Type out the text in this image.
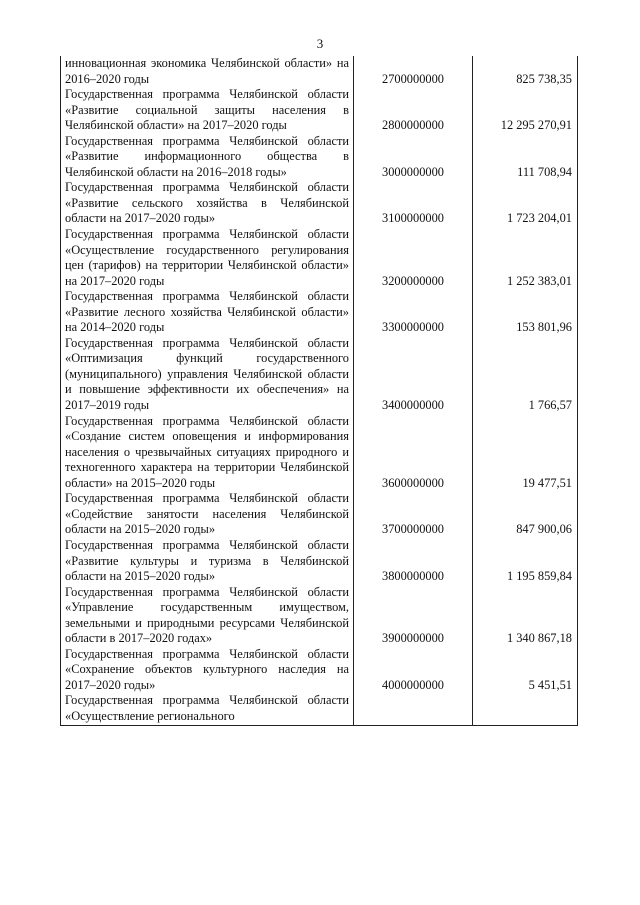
3
инновационная экономика Челябинской области» на 2016–2020 годы	2700000000	825 738,35
Государственная программа Челябинской области «Развитие социальной защиты населения в Челябинской области» на 2017–2020 годы	2800000000	12 295 270,91
Государственная программа Челябинской области «Развитие информационного общества в Челябинской области на 2016–2018 годы»	3000000000	111 708,94
Государственная программа Челябинской области «Развитие сельского хозяйства в Челябинской области на 2017–2020 годы»	3100000000	1 723 204,01
Государственная программа Челябинской области «Осуществление государственного регулирования цен (тарифов) на территории Челябинской области» на 2017–2020 годы	3200000000	1 252 383,01
Государственная программа Челябинской области «Развитие лесного хозяйства Челябинской области» на 2014–2020 годы	3300000000	153 801,96
Государственная программа Челябинской области «Оптимизация функций государственного (муниципального) управления Челябинской области и повышение эффективности их обеспечения» на 2017–2019 годы	3400000000	1 766,57
Государственная программа Челябинской области «Создание систем оповещения и информирования населения о чрезвычайных ситуациях природного и техногенного характера на территории Челябинской области» на 2015–2020 годы	3600000000	19 477,51
Государственная программа Челябинской области «Содействие занятости населения Челябинской области на 2015–2020 годы»	3700000000	847 900,06
Государственная программа Челябинской области «Развитие культуры и туризма в Челябинской области на 2015–2020 годы»	3800000000	1 195 859,84
Государственная программа Челябинской области «Управление государственным имуществом, земельными и природными ресурсами Челябинской области в 2017–2020 годах»	3900000000	1 340 867,18
Государственная программа Челябинской области «Сохранение объектов культурного наследия на 2017–2020 годы»	4000000000	5 451,51
Государственная программа Челябинской области «Осуществление регионального		
